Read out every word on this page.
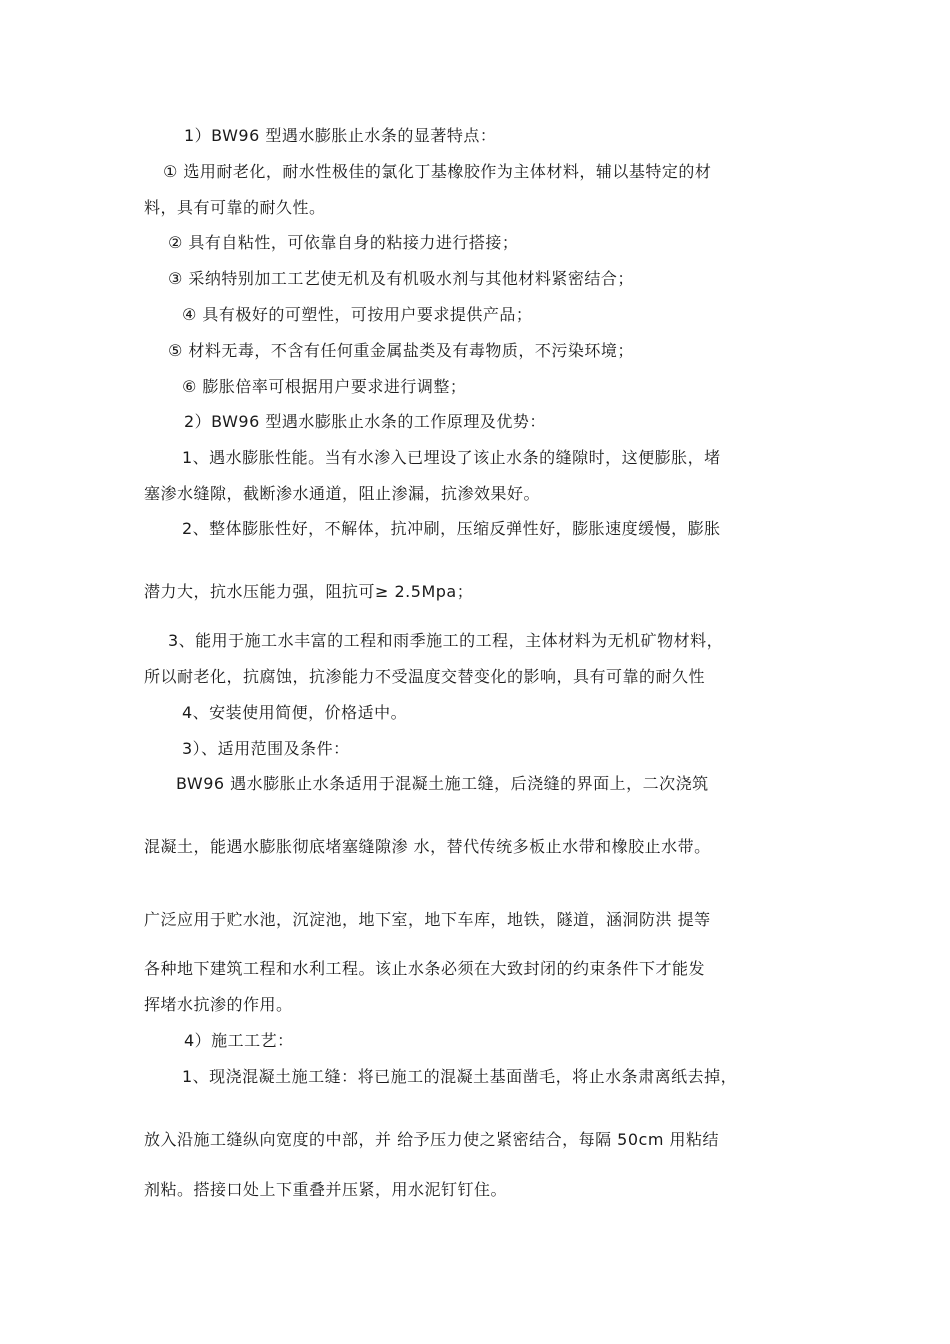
1）BW96 型遇水膨胀止水条的显著特点：
① 选用耐老化，耐水性极佳的氯化丁基橡胶作为主体材料，辅以基特定的材
料，具有可靠的耐久性。
② 具有自粘性，可依靠自身的粘接力进行搭接；
③ 采纳特别加工工艺使无机及有机吸水剂与其他材料紧密结合；
④ 具有极好的可塑性，可按用户要求提供产品；
⑤ 材料无毒，不含有任何重金属盐类及有毒物质，不污染环境；
⑥ 膨胀倍率可根据用户要求进行调整；
2）BW96 型遇水膨胀止水条的工作原理及优势：
1、遇水膨胀性能。当有水渗入已埋设了该止水条的缝隙时，这便膨胀，堵
塞渗水缝隙，截断渗水通道，阻止渗漏，抗渗效果好。
2、整体膨胀性好，不解体，抗冲刷，压缩反弹性好，膨胀速度缓慢，膨胀
潜力大，抗水压能力强，阻抗可≥ 2.5Mpa；
3、能用于施工水丰富的工程和雨季施工的工程，主体材料为无机矿物材料，
所以耐老化，抗腐蚀，抗渗能力不受温度交替变化的影响，具有可靠的耐久性
4、安装使用简便，价格适中。
3）、适用范围及条件：
BW96 遇水膨胀止水条适用于混凝土施工缝，后浇缝的界面上，二次浇筑
混凝土，能遇水膨胀彻底堵塞缝隙渗 水，替代传统多板止水带和橡胶止水带。
广泛应用于贮水池，沉淀池，地下室，地下车库，地铁，隧道，涵洞防洪 提等
各种地下建筑工程和水利工程。该止水条必须在大致封闭的约束条件下才能发
挥堵水抗渗的作用。
4）施工工艺：
1、现浇混凝土施工缝：将已施工的混凝土基面凿毛，将止水条肃离纸去掉，
放入沿施工缝纵向宽度的中部，并 给予压力使之紧密结合，每隔 50cm 用粘结
剂粘。搭接口处上下重叠并压紧，用水泥钉钉住。
